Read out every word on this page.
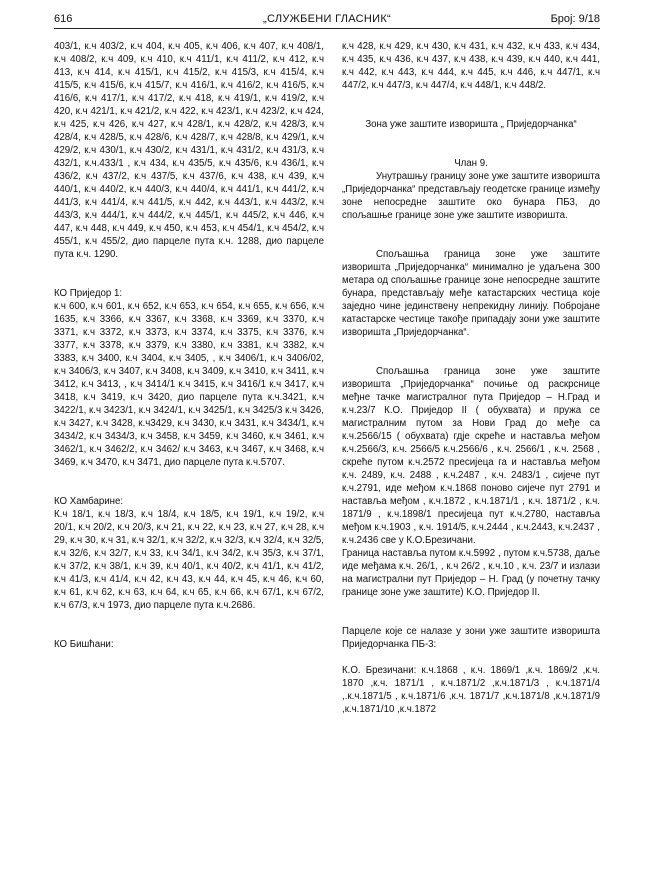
616	„СЛУЖБЕНИ ГЛАСНИК“	Број: 9/18

403/1, к.ч 403/2, к.ч 404, к.ч 405, к.ч 406, к.ч 407, к.ч 408/1, к.ч 408/2, к.ч 409, к.ч 410, к.ч 411/1, к.ч 411/2, к.ч 412, к.ч 413, к.ч 414, к.ч 415/1, к.ч 415/2, к.ч 415/3, к.ч 415/4, к.ч 415/5, к.ч 415/6, к.ч 415/7, к.ч 416/1, к.ч 416/2, к.ч 416/5, к.ч 416/6, к.ч 417/1, к.ч 417/2, к.ч 418, к.ч 419/1, к.ч 419/2, к.ч 420, к.ч 421/1, к.ч 421/2, к.ч 422, к.ч 423/1, к.ч 423/2, к.ч 424, к.ч 425, к.ч 426, к.ч 427, к.ч 428/1, к.ч 428/2, к.ч 428/3, к.ч 428/4, к.ч 428/5, к.ч 428/6, к.ч 428/7, к.ч 428/8, к.ч 429/1, к.ч 429/2, к.ч 430/1, к.ч 430/2, к.ч 431/1, к.ч 431/2, к.ч 431/3, к.ч 432/1, к.ч.433/1 , к.ч 434, к.ч 435/5, к.ч 435/6, к.ч 436/1, к.ч 436/2, к.ч 437/2, к.ч 437/5, к.ч 437/6, к.ч 438, к.ч 439, к.ч 440/1, к.ч 440/2, к.ч 440/3, к.ч 440/4, к.ч 441/1, к.ч 441/2, к.ч 441/3, к.ч 441/4, к.ч 441/5, к.ч 442, к.ч 443/1, к.ч 443/2, к.ч 443/3, к.ч 444/1, к.ч 444/2, к.ч 445/1, к.ч 445/2, к.ч 446, к.ч 447, к.ч 448, к.ч 449, к.ч 450, к.ч 453, к.ч 454/1, к.ч 454/2, к.ч 455/1, к.ч 455/2, дио парцеле пута к.ч. 1288, дио парцеле пута к.ч. 1290.

КО Приједор 1:

к.ч 600, к.ч 601, к.ч 652, к.ч 653, к.ч 654, к.ч 655, к.ч 656, к.ч 1635, к.ч 3366, к.ч 3367, к.ч 3368, к.ч 3369, к.ч 3370, к.ч 3371, к.ч 3372, к.ч 3373, к.ч 3374, к.ч 3375, к.ч 3376, к.ч 3377, к.ч 3378, к.ч 3379, к.ч 3380, к.ч 3381, к.ч 3382, к.ч 3383, к.ч 3400, к.ч 3404, к.ч 3405, , к.ч 3406/1, к.ч 3406/02, к.ч 3406/3, к.ч 3407, к.ч 3408, к.ч 3409, к.ч 3410, к.ч 3411, к.ч 3412, к.ч 3413, , к.ч 3414/1 к.ч 3415, к.ч 3416/1 к.ч 3417, к.ч 3418, к.ч 3419, к.ч 3420, дио парцеле пута к.ч.3421, к.ч 3422/1, к.ч 3423/1, к.ч 3424/1, к.ч 3425/1, к.ч 3425/3 к.ч 3426, к.ч 3427, к.ч 3428, к.ч3429, к.ч 3430, к.ч 3431, к.ч 3434/1, к.ч 3434/2, к.ч 3434/3, к.ч 3458, к.ч 3459, к.ч 3460, к.ч 3461, к.ч 3462/1, к.ч 3462/2, к.ч 3462/ к.ч 3463, к.ч 3467, к.ч 3468, к.ч 3469, к.ч 3470, к.ч 3471, дио парцеле пута к.ч.5707.

КО Хамбарине:

К.ч 18/1, к.ч 18/3, к.ч 18/4, к.ч 18/5, к.ч 19/1, к.ч 19/2, к.ч 20/1, к.ч 20/2, к.ч 20/3, к.ч 21, к.ч 22, к.ч 23, к.ч 27, к.ч 28, к.ч 29, к.ч 30, к.ч 31, к.ч 32/1, к.ч 32/2, к.ч 32/3, к.ч 32/4, к.ч 32/5, к.ч 32/6, к.ч 32/7, к.ч 33, к.ч 34/1, к.ч 34/2, к.ч 35/3, к.ч 37/1, к.ч 37/2, к.ч 38/1, к.ч 39, к.ч 40/1, к.ч 40/2, к.ч 41/1, к.ч 41/2, к.ч 41/3, к.ч 41/4, к.ч 42, к.ч 43, к.ч 44, к.ч 45, к.ч 46, к.ч 60, к.ч 61, к.ч 62, к.ч 63, к.ч 64, к.ч 65, к.ч 66, к.ч 67/1, к.ч 67/2, к.ч 67/3, к.ч 1973, дио парцеле пута к.ч.2686.

КО Бишћани:

к.ч 428, к.ч 429, к.ч 430, к.ч 431, к.ч 432, к.ч 433, к.ч 434, к.ч 435, к.ч 436, к.ч 437, к.ч 438, к.ч 439, к.ч 440, к.ч 441, к.ч 442, к.ч 443, к.ч 444, к.ч 445, к.ч 446, к.ч 447/1, к.ч 447/2, к.ч 447/3, к.ч 447/4, к.ч 448/1, к.ч 448/2.

Зона уже заштите изворишта „ Приједорчанка“

Члан 9.

Унутрашњу границу зоне уже заштите изворишта „Приједорчанка“ представљају геодетске границе између зоне непосредне заштите око бунара ПБ3, до спољашње границе зоне уже заштите изворишта.

Спољашња граница зоне уже заштите изворишта „Приједорчанка“ минимално је удаљена 300 метара од спољашње границе зоне непосредне заштите бунара, представљају међе катастарских честица које заједно чине јединствену непрекидну линију. Побројане катастарске честице такође припадају зони уже заштите изворишта „Приједорчанка“.

Спољашња граница зоне уже заштите изворишта „Приједорчанка“ почиње од раскрснице међне тачке магистралног пута Приједор – Н.Град и к.ч.23/7 К.О. Приједор II ( обухвата) и пружа се магистралним путом за Нови Град до међе са к.ч.2566/15 ( обухвата) гдје скреће и наставља међом к.ч.2566/3, к.ч. 2566/5 к.ч.2566/6 , к.ч. 2566/1 , к.ч. 2568 , скреће путом к.ч.2572 пресијеца га и наставља међом к.ч. 2489, к.ч. 2488 , к.ч.2487 , к.ч. 2483/1 , сијече пут к.ч.2791, иде међом к.ч.1868 поново сијече пут 2791 и наставља међом , к.ч.1872 , к.ч.1871/1 , к.ч. 1871/2 , к.ч. 1871/9 , к.ч.1898/1 пресијеца пут к.ч.2780, наставља међом к.ч.1903 , к.ч. 1914/5, к.ч.2444 , к.ч.2443, к.ч.2437 , к.ч.2436 све у К.О.Брезичани.

Граница наставља путом к.ч.5992 , путом к.ч.5738, даље иде међама к.ч. 26/1, , к.ч 26/2 , к.ч.10 , к.ч. 23/7 и излази на магистрални пут Приједор – Н. Град (у почетну тачку границе зоне уже заштите) К.О. Приједор II.

Парцеле које се налазе у зони уже заштите изворишта Приједорчанка ПБ-3:

К.О. Брезичани: к.ч.1868 , к.ч. 1869/1 ,к.ч. 1869/2 ,к.ч. 1870 ,к.ч. 1871/1 , к.ч.1871/2 ,к.ч.1871/3 , к.ч.1871/4 ,.к.ч.1871/5 , к.ч.1871/6 ,к.ч. 1871/7 ,к.ч.1871/8 ,к.ч.1871/9 ,к.ч.1871/10 ,к.ч.1872
